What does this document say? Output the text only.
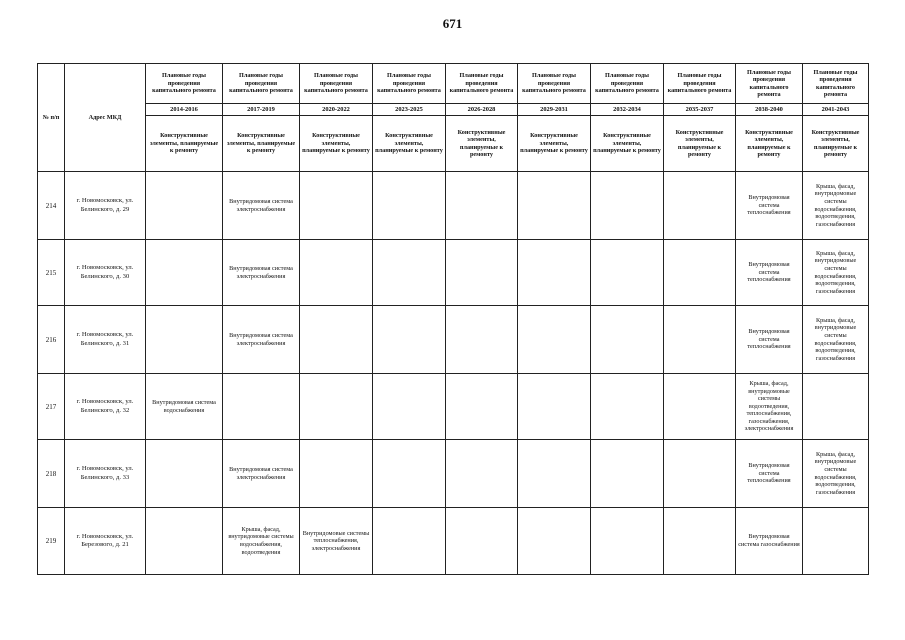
671
№ п/п	Адрес МКД	Плановые годы проведения капитального ремонта	Плановые годы проведения капитального ремонта	Плановые годы проведения капитального ремонта	Плановые годы проведения капитального ремонта	Плановые годы проведения капитального ремонта	Плановые годы проведения капитального ремонта	Плановые годы проведения капитального ремонта	Плановые годы проведения капитального ремонта	Плановые годы проведения капитального ремонта	Плановые годы проведения капитального ремонта
		2014-2016	2017-2019	2020-2022	2023-2025	2026-2028	2029-2031	2032-2034	2035-2037	2038-2040	2041-2043
		Конструктивные элементы, планируемые к ремонту	Конструктивные элементы, планируемые к ремонту	Конструктивные элементы, планируемые к ремонту	Конструктивные элементы, планируемые к ремонту	Конструктивные элементы, планируемые к ремонту	Конструктивные элементы, планируемые к ремонту	Конструктивные элементы, планируемые к ремонту	Конструктивные элементы, планируемые к ремонту	Конструктивные элементы, планируемые к ремонту	Конструктивные элементы, планируемые к ремонту
214	г. Новомосковск, ул. Белинского, д. 29		Внутридомовая система электроснабжения							Внутридомовая система теплоснабжения	Крыша, фасад, внутридомовые системы водоснабжения, водоотведения, газоснабжения
215	г. Новомосковск, ул. Белинского, д. 30		Внутридомовая система электроснабжения							Внутридомовая система теплоснабжения	Крыша, фасад, внутридомовые системы водоснабжения, водоотведения, газоснабжения
216	г. Новомосковск, ул. Белинского, д. 31		Внутридомовая система электроснабжения							Внутридомовая система теплоснабжения	Крыша, фасад, внутридомовые системы водоснабжения, водоотведения, газоснабжения
217	г. Новомосковск, ул. Белинского, д. 32	Внутридомовая система водоснабжения								Крыша, фасад, внутридомовые системы водоотведения, теплоснабжения, газоснабжения, электроснабжения	
218	г. Новомосковск, ул. Белинского, д. 33		Внутридомовая система электроснабжения							Внутридомовая система теплоснабжения	Крыша, фасад, внутридомовые системы водоснабжения, водоотведения, газоснабжения
219	г. Новомосковск, ул. Березового, д. 21		Крыша, фасад, внутридомовые системы водоснабжения, водоотведения	Внутридомовые системы теплоснабжения, электроснабжения						Внутридомовая система газоснабжения	
